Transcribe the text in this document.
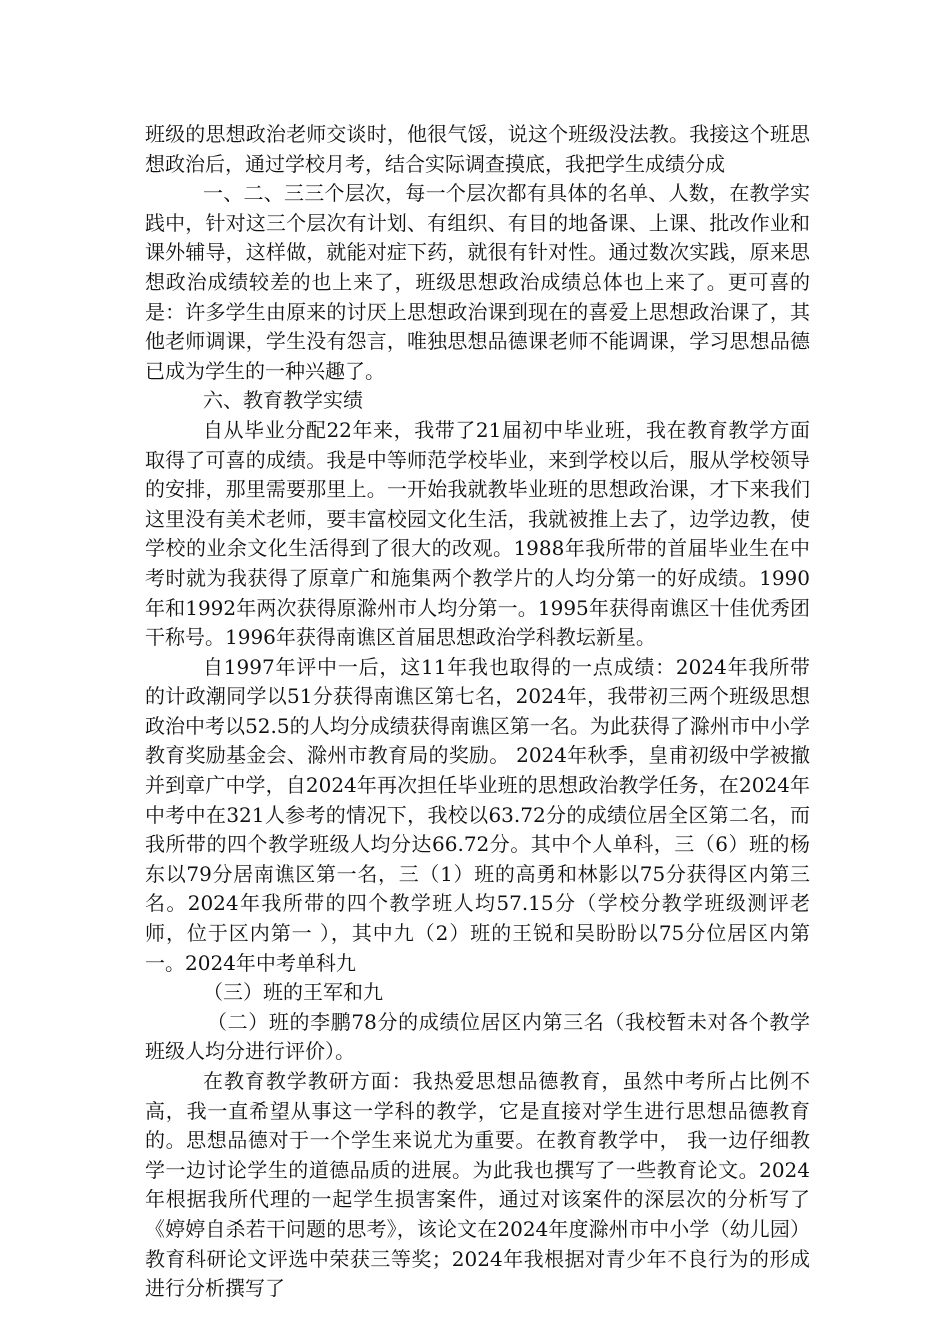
班级的思想政治老师交谈时，他很气馁，说这个班级没法教。我接这个班思想政治后，通过学校月考，结合实际调查摸底，我把学生成绩分成

一、二、三三个层次，每一个层次都有具体的名单、人数，在教学实践中，针对这三个层次有计划、有组织、有目的地备课、上课、批改作业和课外辅导，这样做，就能对症下药，就很有针对性。通过数次实践，原来思想政治成绩较差的也上来了，班级思想政治成绩总体也上来了。更可喜的是：许多学生由原来的讨厌上思想政治课到现在的喜爱上思想政治课了，其他老师调课，学生没有怨言，唯独思想品德课老师不能调课，学习思想品德已成为学生的一种兴趣了。

六、教育教学实绩

自从毕业分配22年来，我带了21届初中毕业班，我在教育教学方面取得了可喜的成绩。我是中等师范学校毕业，来到学校以后，服从学校领导的安排，那里需要那里上。一开始我就教毕业班的思想政治课，才下来我们这里没有美术老师，要丰富校园文化生活，我就被推上去了，边学边教，使学校的业余文化生活得到了很大的改观。1988年我所带的首届毕业生在中考时就为我获得了原章广和施集两个教学片的人均分第一的好成绩。1990年和1992年两次获得原滁州市人均分第一。1995年获得南谯区十佳优秀团干称号。1996年获得南谯区首届思想政治学科教坛新星。

自1997年评中一后，这11年我也取得的一点成绩：2024年我所带的计政潮同学以51分获得南谯区第七名，2024年，我带初三两个班级思想政治中考以52.5的人均分成绩获得南谯区第一名。为此获得了滁州市中小学教育奖励基金会、滁州市教育局的奖励。 2024年秋季，皇甫初级中学被撤并到章广中学，自2024年再次担任毕业班的思想政治教学任务，在2024年中考中在321人参考的情况下，我校以63.72分的成绩位居全区第二名，而我所带的四个教学班级人均分达66.72分。其中个人单科，三（6）班的杨东以79分居南谯区第一名，三（1）班的高勇和林影以75分获得区内第三名。2024年我所带的四个教学班人均57.15分（学校分教学班级测评老师，位于区内第一 ），其中九（2）班的王锐和吴盼盼以75分位居区内第一。2024年中考单科九

（三）班的王军和九

（二）班的李鹏78分的成绩位居区内第三名（我校暂未对各个教学班级人均分进行评价）。

在教育教学教研方面：我热爱思想品德教育，虽然中考所占比例不高，我一直希望从事这一学科的教学，它是直接对学生进行思想品德教育的。思想品德对于一个学生来说尤为重要。在教育教学中， 我一边仔细教学一边讨论学生的道德品质的进展。为此我也撰写了一些教育论文。2024年根据我所代理的一起学生损害案件，通过对该案件的深层次的分析写了《婷婷自杀若干问题的思考》，该论文在2024年度滁州市中小学（幼儿园）教育科研论文评选中荣获三等奖；2024年我根据对青少年不良行为的形成进行分析撰写了
